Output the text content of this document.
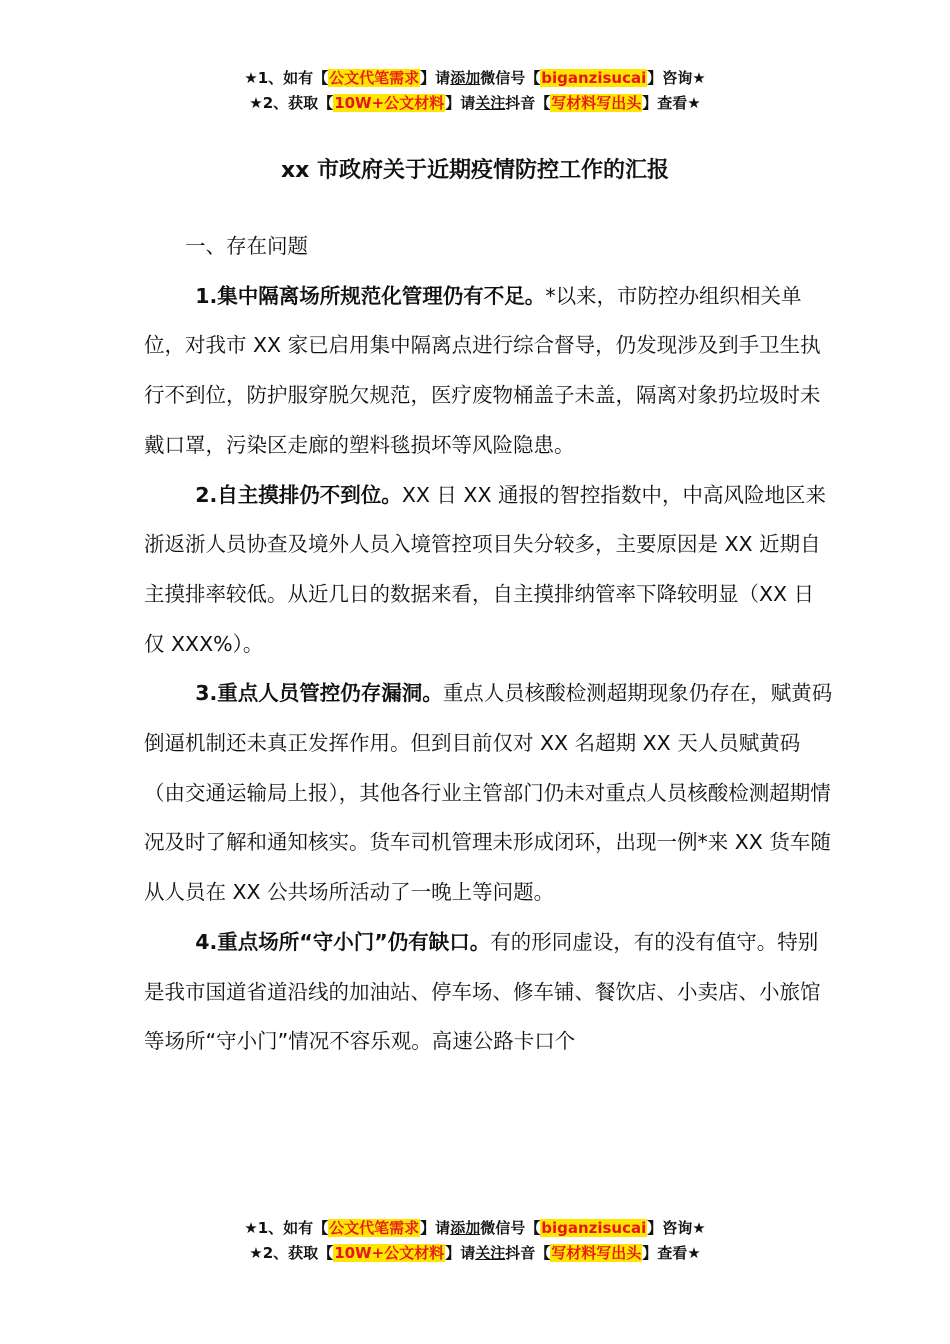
★1、如有【公文代笔需求】请添加微信号【biganzisucai】咨询★
★2、获取【10W+公文材料】请关注抖音【写材料写出头】查看★
xx 市政府关于近期疫情防控工作的汇报

一、存在问题

1.集中隔离场所规范化管理仍有不足。*以来，市防控办组织相关单位，对我市 XX 家已启用集中隔离点进行综合督导，仍发现涉及到手卫生执行不到位，防护服穿脱欠规范，医疗废物桶盖子未盖，隔离对象扔垃圾时未戴口罩，污染区走廊的塑料毯损坏等风险隐患。

2.自主摸排仍不到位。XX 日 XX 通报的智控指数中，中高风险地区来浙返浙人员协查及境外人员入境管控项目失分较多，主要原因是 XX 近期自主摸排率较低。从近几日的数据来看，自主摸排纳管率下降较明显（XX 日仅 XXX%）。

3.重点人员管控仍存漏洞。重点人员核酸检测超期现象仍存在，赋黄码倒逼机制还未真正发挥作用。但到目前仅对 XX 名超期 XX 天人员赋黄码（由交通运输局上报），其他各行业主管部门仍未对重点人员核酸检测超期情况及时了解和通知核实。货车司机管理未形成闭环，出现一例*来 XX 货车随从人员在 XX 公共场所活动了一晚上等问题。

4.重点场所“守小门”仍有缺口。有的形同虚设，有的没有值守。特别是我市国道省道沿线的加油站、停车场、修车铺、餐饮店、小卖店、小旅馆等场所“守小门”情况不容乐观。高速公路卡口个

★1、如有【公文代笔需求】请添加微信号【biganzisucai】咨询★
★2、获取【10W+公文材料】请关注抖音【写材料写出头】查看★
